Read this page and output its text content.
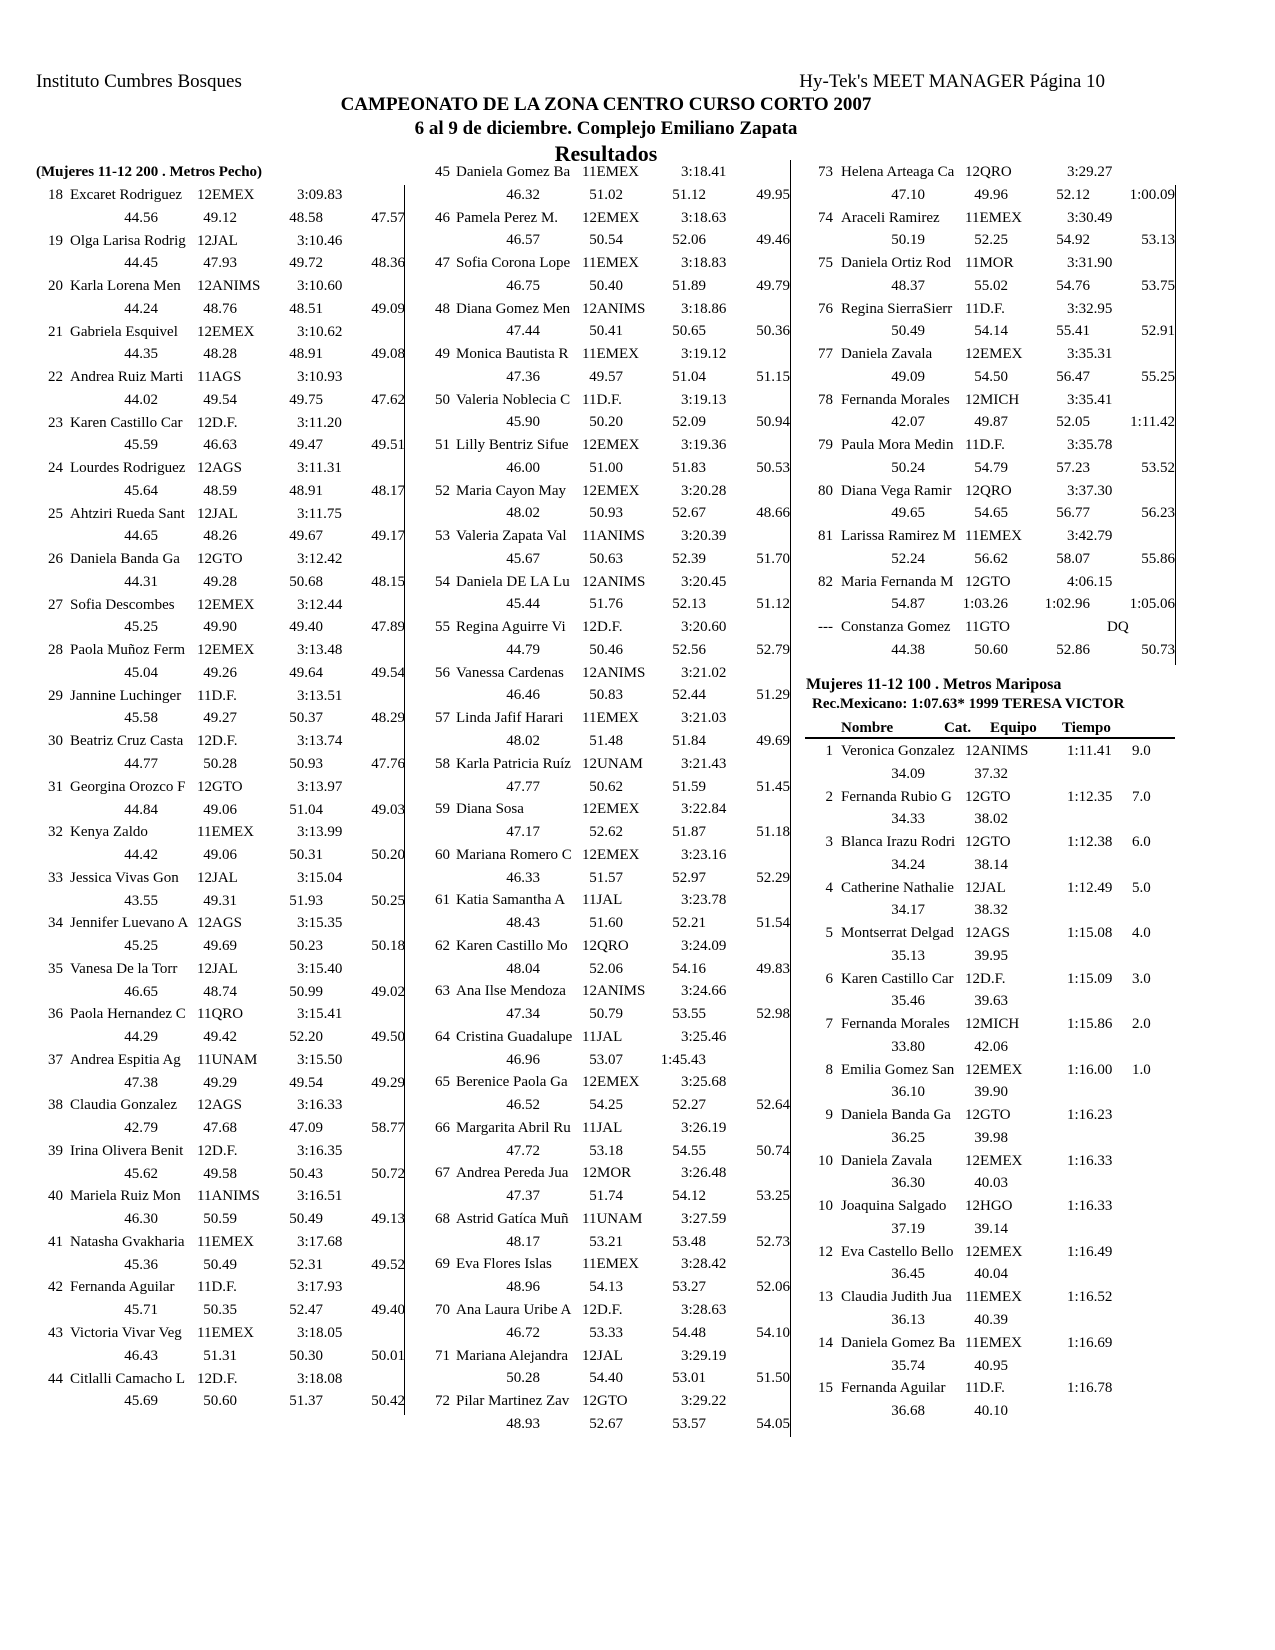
Instituto Cumbres Bosques	Hy-Tek's MEET MANAGER Página 10
CAMPEONATO DE LA ZONA CENTRO CURSO CORTO 2007
6 al 9 de diciembre. Complejo Emiliano Zapata
Resultados
(Mujeres 11-12 200 . Metros Pecho)
Mujeres 11-12 100 . Metros Mariposa
Rec.Mexicano: 1:07.63* 1999 TERESA VICTOR
Nombre	Cat. Equipo Tiempo
18 Excaret Rodriguez 12EMEX	3:09.83
44.56	49.12	48.58	47.57
19 Olga Larisa Rodrig 12JAL	3:10.46
44.45	47.93	49.72	48.36
20 Karla Lorena Men	12ANIMS 3:10.60
44.24	48.76	48.51	49.09
21 Gabriela Esquivel	12EMEX	3:10.62
44.35	48.28	48.91	49.08
22 Andrea Ruiz Marti 11AGS	3:10.93
44.02	49.54	49.75	47.62
23 Karen Castillo Car 12D.F.	3:11.20
45.59	46.63	49.47	49.51
24 Lourdes Rodriguez 12AGS	3:11.31
45.64	48.59	48.91	48.17
25 Ahtziri Rueda Sant 12JAL	3:11.75
44.65	48.26	49.67	49.17
26 Daniela Banda Ga	12GTO	3:12.42
44.31	49.28	50.68	48.15
27 Sofia Descombes	12EMEX	3:12.44
45.25	49.90	49.40	47.89
28 Paola Muñoz Ferm 12EMEX	3:13.48
45.04	49.26	49.64	49.54
29 Jannine Luchinger	11D.F.	3:13.51
45.58	49.27	50.37	48.29
30 Beatriz Cruz Casta 12D.F.	3:13.74
44.77	50.28	50.93	47.76
31 Georgina Orozco F 12GTO	3:13.97
44.84	49.06	51.04	49.03
32 Kenya Zaldo	11EMEX	3:13.99
44.42	49.06	50.31	50.20
33 Jessica Vivas Gon	12JAL	3:15.04
43.55	49.31	51.93	50.25
34 Jennifer Luevano A 12AGS	3:15.35
45.25	49.69	50.23	50.18
35 Vanesa De la Torr	12JAL	3:15.40
46.65	48.74	50.99	49.02
36 Paola Hernandez C 11QRO	3:15.41
44.29	49.42	52.20	49.50
37 Andrea Espitia Ag	11UNAM	3:15.50
47.38	49.29	49.54	49.29
38 Claudia Gonzalez	12AGS	3:16.33
42.79	47.68	47.09	58.77
39 Irina Olivera Benit 12D.F.	3:16.35
45.62	49.58	50.43	50.72
40 Mariela Ruiz Mon	11ANIMS 3:16.51
46.30	50.59	50.49	49.13
41 Natasha Gvakharia 11EMEX	3:17.68
45.36	50.49	52.31	49.52
42 Fernanda Aguilar	11D.F.	3:17.93
45.71	50.35	52.47	49.40
43 Victoria Vivar Veg	11EMEX	3:18.05
46.43	51.31	50.30	50.01
44 Citlalli Camacho L 12D.F.	3:18.08
45.69	50.60	51.37	50.42
45 Daniela Gomez Ba 11EMEX	3:18.41
46.32	51.02	51.12	49.95
46 Pamela Perez M.	12EMEX	3:18.63
46.57	50.54	52.06	49.46
47 Sofia Corona Lope 11EMEX	3:18.83
46.75	50.40	51.89	49.79
48 Diana Gomez Men 12ANIMS 3:18.86
47.44	50.41	50.65	50.36
49 Monica Bautista R 11EMEX	3:19.12
47.36	49.57	51.04	51.15
50 Valeria Noblecia C 11D.F.	3:19.13
45.90	50.20	52.09	50.94
51 Lilly Bentriz Sifue 12EMEX	3:19.36
46.00	51.00	51.83	50.53
52 Maria Cayon May	12EMEX	3:20.28
48.02	50.93	52.67	48.66
53 Valeria Zapata Val	11ANIMS 3:20.39
45.67	50.63	52.39	51.70
54 Daniela DE LA Lu 12ANIMS 3:20.45
45.44	51.76	52.13	51.12
55 Regina Aguirre Vi	12D.F.	3:20.60
44.79	50.46	52.56	52.79
56 Vanessa Cardenas	12ANIMS 3:21.02
46.46	50.83	52.44	51.29
57 Linda Jafif Harari	11EMEX	3:21.03
48.02	51.48	51.84	49.69
58 Karla Patricia Ruíz 12UNAM	3:21.43
47.77	50.62	51.59	51.45
59 Diana Sosa	12EMEX	3:22.84
47.17	52.62	51.87	51.18
60 Mariana Romero C 12EMEX	3:23.16
46.33	51.57	52.97	52.29
61 Katia Samantha A	11JAL	3:23.78
48.43	51.60	52.21	51.54
62 Karen Castillo Mo 12QRO	3:24.09
48.04	52.06	54.16	49.83
63 Ana Ilse Mendoza	12ANIMS 3:24.66
47.34	50.79	53.55	52.98
64 Cristina Guadalupe 11JAL	3:25.46
46.96	53.07	1:45.43
65 Berenice Paola Ga 12EMEX	3:25.68
46.52	54.25	52.27	52.64
66 Margarita Abril Ru 11JAL	3:26.19
47.72	53.18	54.55	50.74
67 Andrea Pereda Jua 12MOR	3:26.48
47.37	51.74	54.12	53.25
68 Astrid Gatíca Muñ 11UNAM	3:27.59
48.17	53.21	53.48	52.73
69 Eva Flores Islas	11EMEX	3:28.42
48.96	54.13	53.27	52.06
70 Ana Laura Uribe A 12D.F.	3:28.63
46.72	53.33	54.48	54.10
71 Mariana Alejandra 12JAL	3:29.19
50.28	54.40	53.01	51.50
72 Pilar Martinez Zav 12GTO	3:29.22
48.93	52.67	53.57	54.05
73 Helena Arteaga Ca 12QRO	3:29.27
47.10	49.96	52.12	1:00.09
74 Araceli Ramirez	11EMEX	3:30.49
50.19	52.25	54.92	53.13
75 Daniela Ortiz Rod 11MOR	3:31.90
48.37	55.02	54.76	53.75
76 Regina SierraSierr 11D.F.	3:32.95
50.49	54.14	55.41	52.91
77 Daniela Zavala	12EMEX	3:35.31
49.09	54.50	56.47	55.25
78 Fernanda Morales	12MICH	3:35.41
42.07	49.87	52.05	1:11.42
79 Paula Mora Medin 11D.F.	3:35.78
50.24	54.79	57.23	53.52
80 Diana Vega Ramir 12QRO	3:37.30
49.65	54.65	56.77	56.23
81 Larissa Ramirez M 11EMEX	3:42.79
52.24	56.62	58.07	55.86
82 Maria Fernanda M 12GTO	4:06.15
54.87	1:03.26	1:02.96	1:05.06
--- Constanza Gomez 11GTO	DQ
44.38	50.60	52.86	50.73
1 Veronica Gonzalez 12ANIMS	1:11.41 9.0
34.09	37.32
2 Fernanda Rubio G 12GTO	1:12.35 7.0
34.33	38.02
3 Blanca Irazu Rodri 12GTO	1:12.38 6.0
34.24	38.14
4 Catherine Nathalie 12JAL	1:12.49 5.0
34.17	38.32
5 Montserrat Delgad 12AGS	1:15.08 4.0
35.13	39.95
6 Karen Castillo Car 12D.F.	1:15.09 3.0
35.46	39.63
7 Fernanda Morales	12MICH	1:15.86 2.0
33.80	42.06
8 Emilia Gomez San 12EMEX	1:16.00 1.0
36.10	39.90
9 Daniela Banda Ga 12GTO	1:16.23
36.25	39.98
10 Daniela Zavala	12EMEX	1:16.33
36.30	40.03
10 Joaquina Salgado	12HGO	1:16.33
37.19	39.14
12 Eva Castello Bello 12EMEX	1:16.49
36.45	40.04
13 Claudia Judith Jua 11EMEX	1:16.52
36.13	40.39
14 Daniela Gomez Ba 11EMEX	1:16.69
35.74	40.95
15 Fernanda Aguilar	11D.F.	1:16.78
36.68	40.10
